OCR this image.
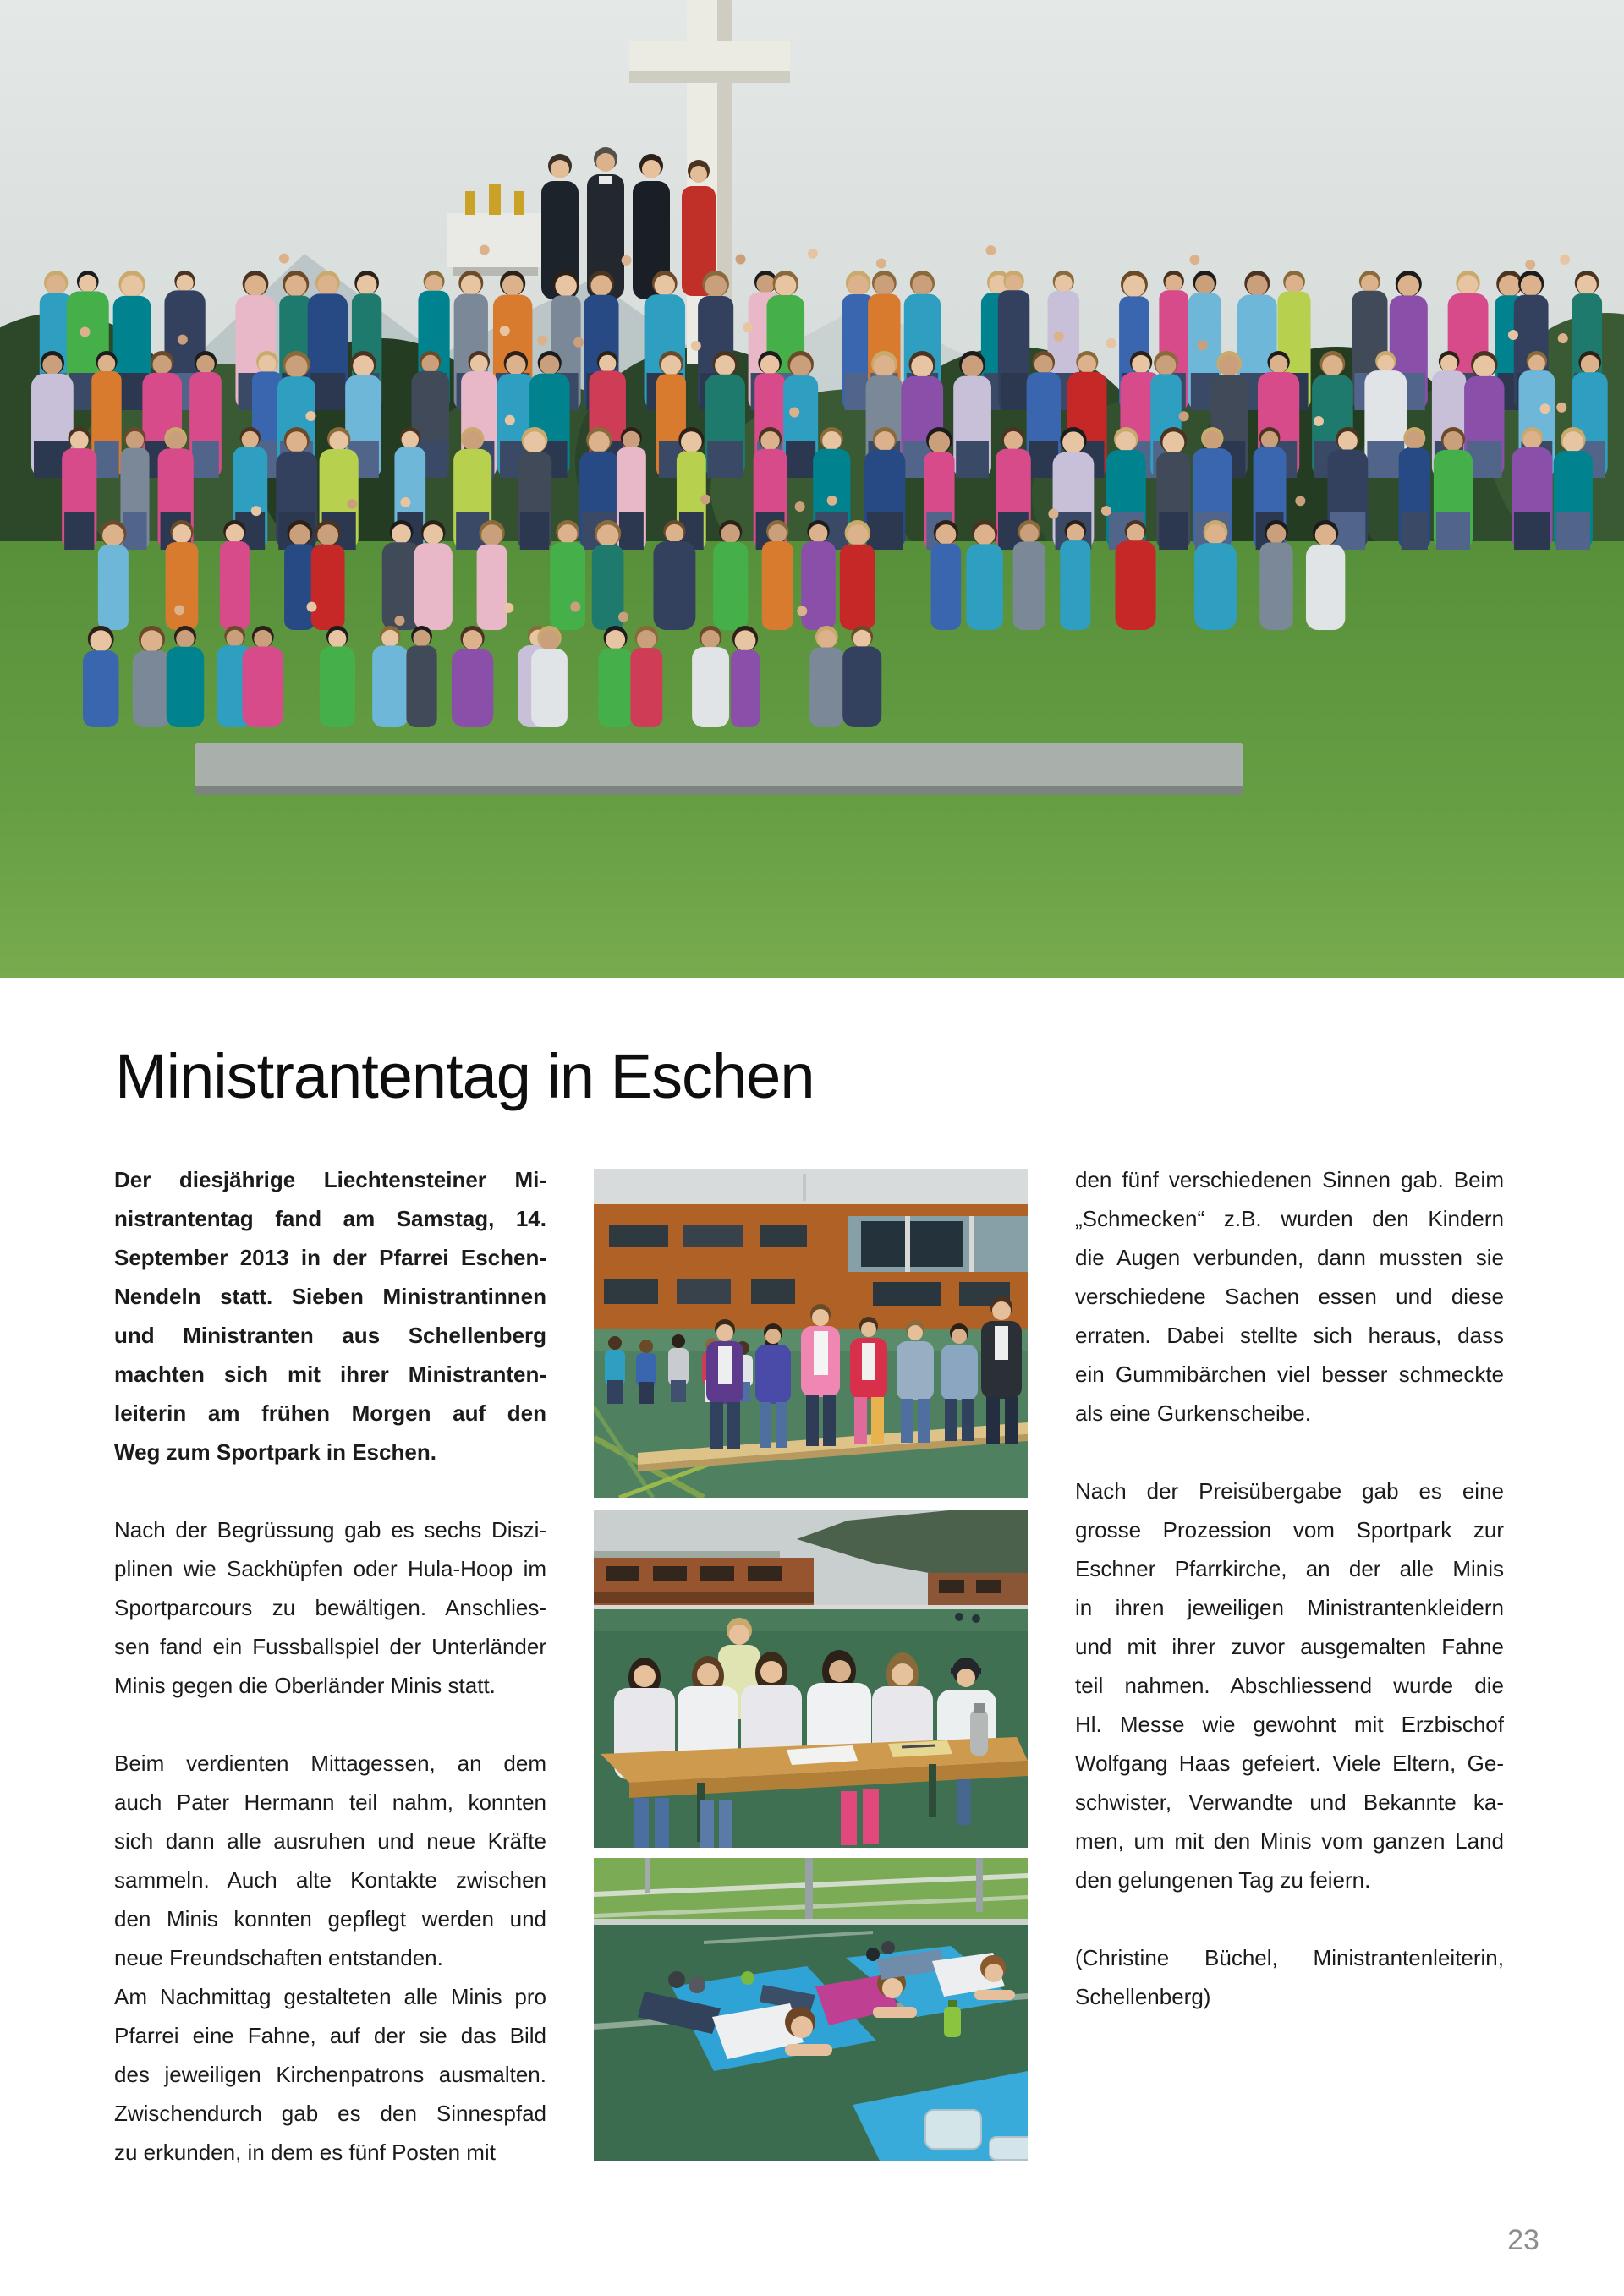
Ministrantentag in Eschen
Der diesjährige Liechtensteiner Mi-
nistrantentag fand am Samstag, 14.
September 2013 in der Pfarrei Eschen-
Nendeln statt. Sieben Ministrantinnen
und Ministranten aus Schellenberg
machten sich mit ihrer Ministranten-
leiterin am frühen Morgen auf den
Weg zum Sportpark in Eschen.
Nach der Begrüssung gab es sechs Diszi-
plinen wie Sackhüpfen oder Hula-Hoop im
Sportparcours zu bewältigen. Anschlies-
sen fand ein Fussballspiel der Unterländer
Minis gegen die Oberländer Minis statt.
Beim verdienten Mittagessen, an dem
auch Pater Hermann teil nahm, konnten
sich dann alle ausruhen und neue Kräfte
sammeln. Auch alte Kontakte zwischen
den Minis konnten gepflegt werden und
neue Freundschaften entstanden.
Am Nachmittag gestalteten alle Minis pro
Pfarrei eine Fahne, auf der sie das Bild
des jeweiligen Kirchenpatrons ausmalten.
Zwischendurch gab es den Sinnespfad
zu erkunden, in dem es fünf Posten mit
den fünf verschiedenen Sinnen gab. Beim
„Schmecken“ z.B. wurden den Kindern
die Augen verbunden, dann mussten sie
verschiedene Sachen essen und diese
erraten. Dabei stellte sich heraus, dass
ein Gummibärchen viel besser schmeckte
als eine Gurkenscheibe.
Nach der Preisübergabe gab es eine
grosse Prozession vom Sportpark zur
Eschner Pfarrkirche, an der alle Minis
in ihren jeweiligen Ministrantenkleidern
und mit ihrer zuvor ausgemalten Fahne
teil nahmen. Abschliessend wurde die
Hl. Messe wie gewohnt mit Erzbischof
Wolfgang Haas gefeiert. Viele Eltern, Ge-
schwister, Verwandte und Bekannte ka-
men, um mit den Minis vom ganzen Land
den gelungenen Tag zu feiern.
(Christine Büchel, Ministrantenleiterin,
Schellenberg)
23
